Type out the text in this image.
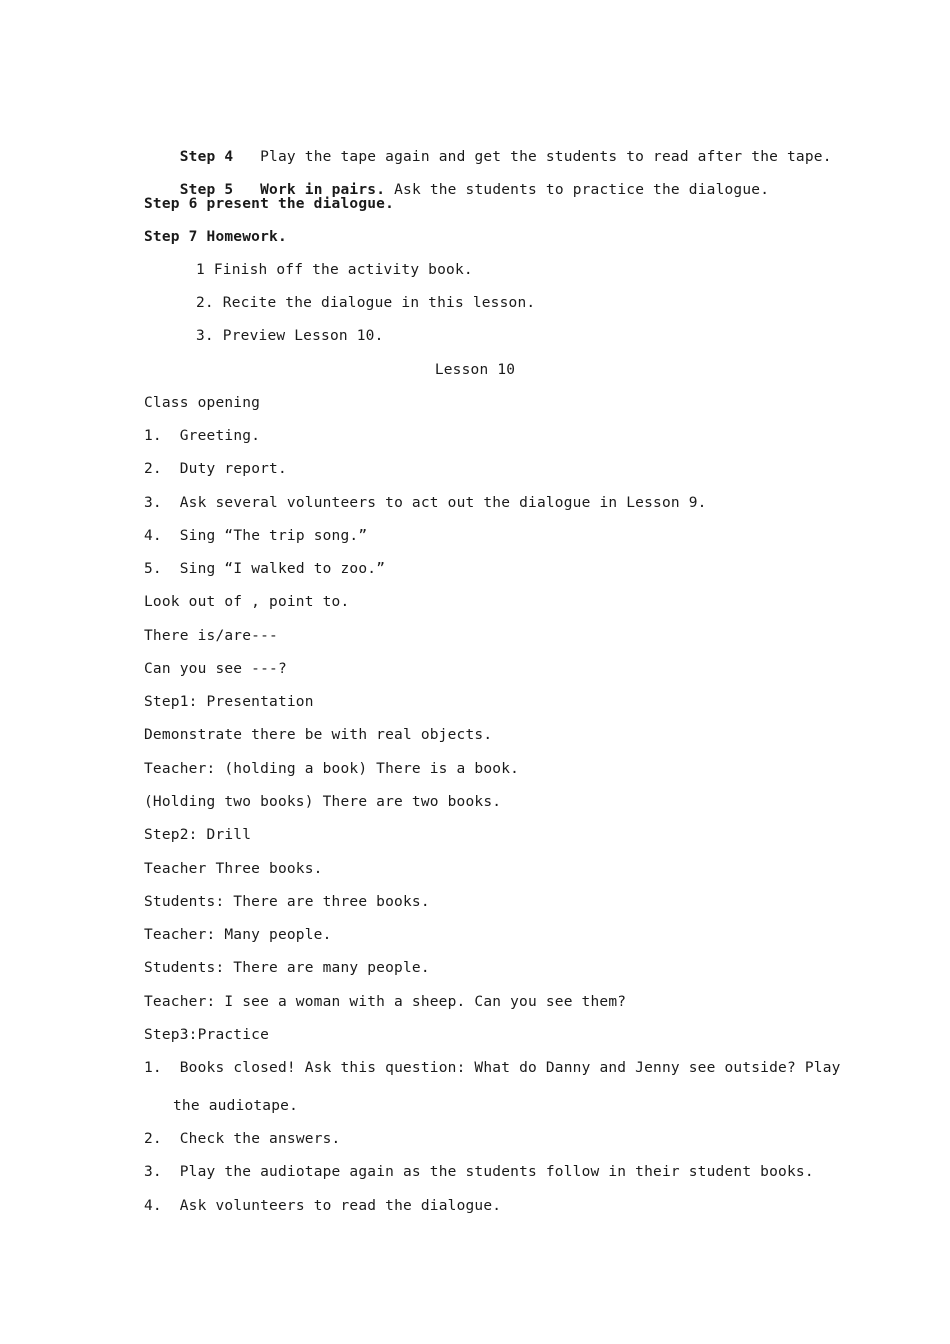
Step 4 Play the tape again and get the students to read after the tape.

Step 5 Work in pairs. Ask the students to practice the dialogue.

Step 6 present the dialogue.
Step 7 Homework.
1 Finish off the activity book.
2. Recite the dialogue in this lesson.
3. Preview Lesson 10.
Lesson 10
Class opening
1. Greeting.
2. Duty report.
3. Ask several volunteers to act out the dialogue in Lesson 9.
4. Sing “The trip song.”
5. Sing “I walked to zoo.”
Look out of , point to.
There is/are---
Can you see ---?
Step1: Presentation
Demonstrate there be with real objects.
Teacher: (holding a book) There is a book.
(Holding two books) There are two books.
Step2: Drill
Teacher Three books.
Students: There are three books.
Teacher: Many people.
Students: There are many people.
Teacher: I see a woman with a sheep. Can you see them?
Step3:Practice
1. Books closed! Ask this question: What do Danny and Jenny see outside? Play
the audiotape.
2. Check the answers.
3. Play the audiotape again as the students follow in their student books.
4. Ask volunteers to read the dialogue.
